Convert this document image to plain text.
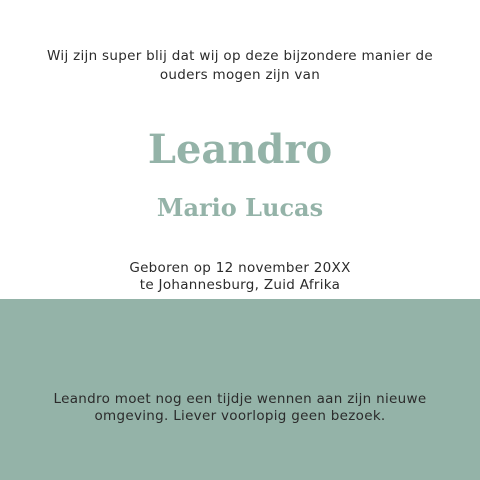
Wij zijn super blij dat wij op deze bijzondere manier de
ouders mogen zijn van
Leandro
Mario Lucas
Geboren op 12 november 20XX
te Johannesburg, Zuid Afrika
Leandro moet nog een tijdje wennen aan zijn nieuwe
omgeving. Liever voorlopig geen bezoek.
